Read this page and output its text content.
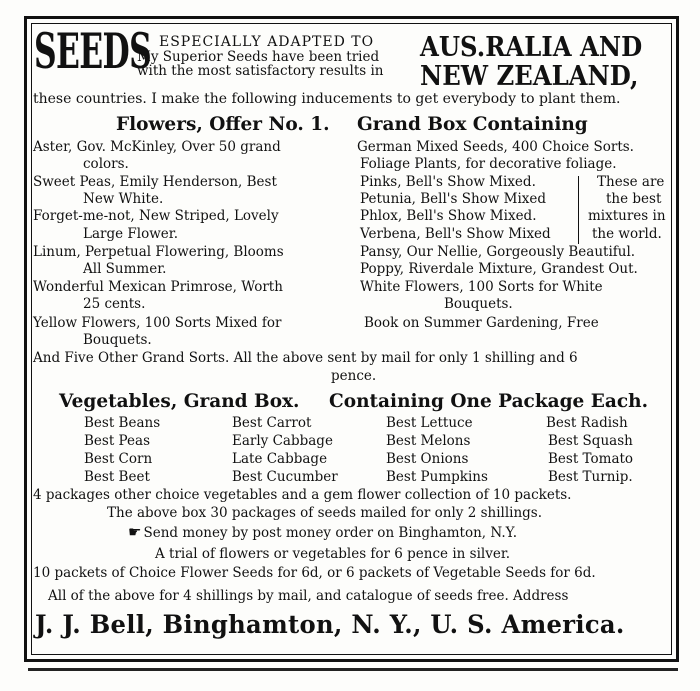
SEEDS ESPECIALLY ADAPTED TO
My Superior Seeds have been tried
with the most satisfactory results in
AUS.RALIA AND
NEW ZEALAND,
these countries. I make the following inducements to get everybody to plant them.
Flowers, Offer No. 1. Grand Box Containing
Aster, Gov. McKinley, Over 50 grand
colors.
Sweet Peas, Emily Henderson, Best
New White.
Forget-me-not, New Striped, Lovely
Large Flower.
Linum, Perpetual Flowering, Blooms
All Summer.
Wonderful Mexican Primrose, Worth
25 cents.
Yellow Flowers, 100 Sorts Mixed for
Bouquets.
German Mixed Seeds, 400 Choice Sorts.
Foliage Plants, for decorative foliage.
Pinks, Bell's Show Mixed.
Petunia, Bell's Show Mixed
Phlox, Bell's Show Mixed.
Verbena, Bell's Show Mixed
Pansy, Our Nellie, Gorgeously Beautiful.
Poppy, Riverdale Mixture, Grandest Out.
White Flowers, 100 Sorts for White
Bouquets.
Book on Summer Gardening, Free
These are
the best
mixtures in
the world.
And Five Other Grand Sorts. All the above sent by mail for only 1 shilling and 6
pence.
Vegetables, Grand Box. Containing One Package Each.
Best Beans
Best Peas
Best Corn
Best Beet
Best Carrot
Early Cabbage
Late Cabbage
Best Cucumber
Best Lettuce
Best Melons
Best Onions
Best Pumpkins
Best Radish
Best Squash
Best Tomato
Best Turnip.
4 packages other choice vegetables and a gem flower collection of 10 packets.
The above box 30 packages of seeds mailed for only 2 shillings.
☛ Send money by post money order on Binghamton, N.Y.
A trial of flowers or vegetables for 6 pence in silver.
10 packets of Choice Flower Seeds for 6d, or 6 packets of Vegetable Seeds for 6d.
All of the above for 4 shillings by mail, and catalogue of seeds free. Address
J. J. Bell, Binghamton, N. Y., U. S. America.
